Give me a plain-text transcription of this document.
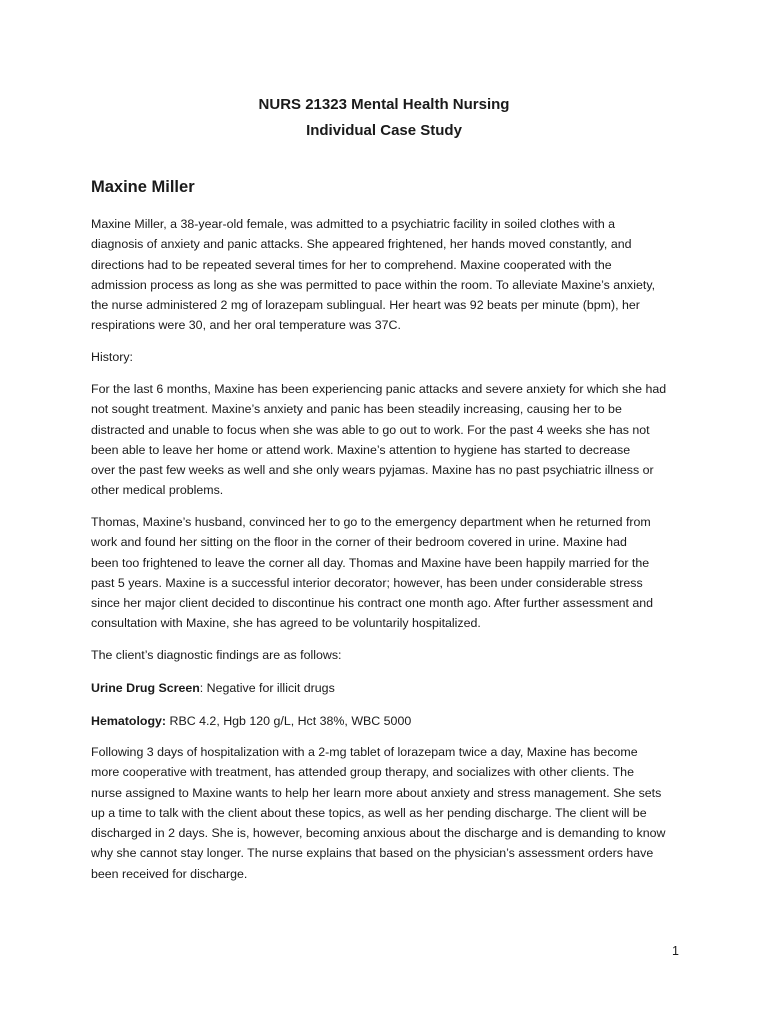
NURS 21323 Mental Health Nursing
Individual Case Study
Maxine Miller
Maxine Miller, a 38-year-old female, was admitted to a psychiatric facility in soiled clothes with a
diagnosis of anxiety and panic attacks. She appeared frightened, her hands moved constantly, and
directions had to be repeated several times for her to comprehend. Maxine cooperated with the
admission process as long as she was permitted to pace within the room. To alleviate Maxine’s anxiety,
the nurse administered 2 mg of lorazepam sublingual. Her heart was 92 beats per minute (bpm), her
respirations were 30, and her oral temperature was 37C.
History:
For the last 6 months, Maxine has been experiencing panic attacks and severe anxiety for which she had
not sought treatment. Maxine’s anxiety and panic has been steadily increasing, causing her to be
distracted and unable to focus when she was able to go out to work. For the past 4 weeks she has not
been able to leave her home or attend work. Maxine’s attention to hygiene has started to decrease
over the past few weeks as well and she only wears pyjamas. Maxine has no past psychiatric illness or
other medical problems.
Thomas, Maxine’s husband, convinced her to go to the emergency department when he returned from
work and found her sitting on the floor in the corner of their bedroom covered in urine. Maxine had
been too frightened to leave the corner all day. Thomas and Maxine have been happily married for the
past 5 years. Maxine is a successful interior decorator; however, has been under considerable stress
since her major client decided to discontinue his contract one month ago. After further assessment and
consultation with Maxine, she has agreed to be voluntarily hospitalized.
The client’s diagnostic findings are as follows:
Urine Drug Screen: Negative for illicit drugs
Hematology: RBC 4.2, Hgb 120 g/L, Hct 38%, WBC 5000
Following 3 days of hospitalization with a 2-mg tablet of lorazepam twice a day, Maxine has become
more cooperative with treatment, has attended group therapy, and socializes with other clients. The
nurse assigned to Maxine wants to help her learn more about anxiety and stress management. She sets
up a time to talk with the client about these topics, as well as her pending discharge. The client will be
discharged in 2 days. She is, however, becoming anxious about the discharge and is demanding to know
why she cannot stay longer. The nurse explains that based on the physician’s assessment orders have
been received for discharge.
1
